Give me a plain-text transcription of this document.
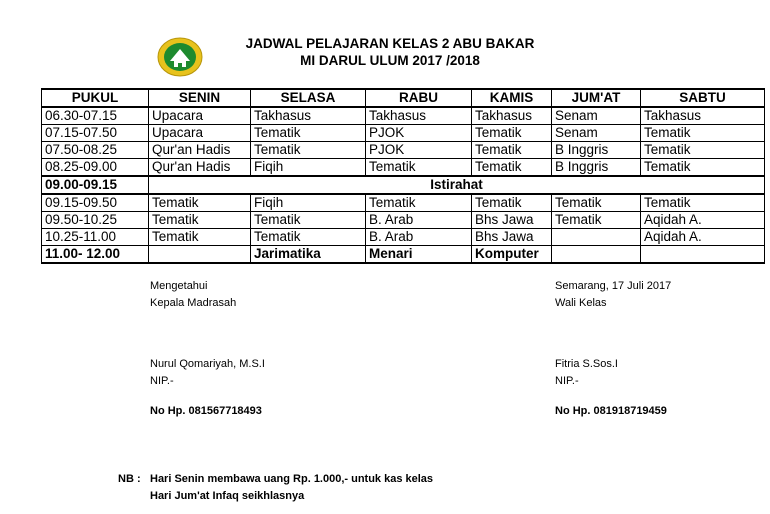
JADWAL PELAJARAN KELAS 2 ABU BAKAR
MI DARUL ULUM 2017 /2018
PUKUL	SENIN	SELASA	RABU	KAMIS	JUM'AT	SABTU
06.30-07.15	Upacara	Takhasus	Takhasus	Takhasus	Senam	Takhasus
07.15-07.50	Upacara	Tematik	PJOK	Tematik	Senam	Tematik
07.50-08.25	Qur'an Hadis	Tematik	PJOK	Tematik	B Inggris	Tematik
08.25-09.00	Qur'an Hadis	Fiqih	Tematik	Tematik	B Inggris	Tematik
09.00-09.15	Istirahat					
09.15-09.50	Tematik	Fiqih	Tematik	Tematik	Tematik	Tematik
09.50-10.25	Tematik	Tematik	B. Arab	Bhs Jawa	Tematik	Aqidah A.
10.25-11.00	Tematik	Tematik	B. Arab	Bhs Jawa		Aqidah A.
11.00- 12.00		Jarimatika	Menari	Komputer		
Mengetahui
Kepala Madrasah
Nurul Qomariyah, M.S.I
NIP.-
No Hp. 081567718493
Semarang, 17 Juli 2017
Wali Kelas
Fitria S.Sos.I
NIP.-
No Hp. 081918719459
NB : Hari Senin membawa uang Rp. 1.000,- untuk kas kelas
Hari Jum'at Infaq seikhlasnya
